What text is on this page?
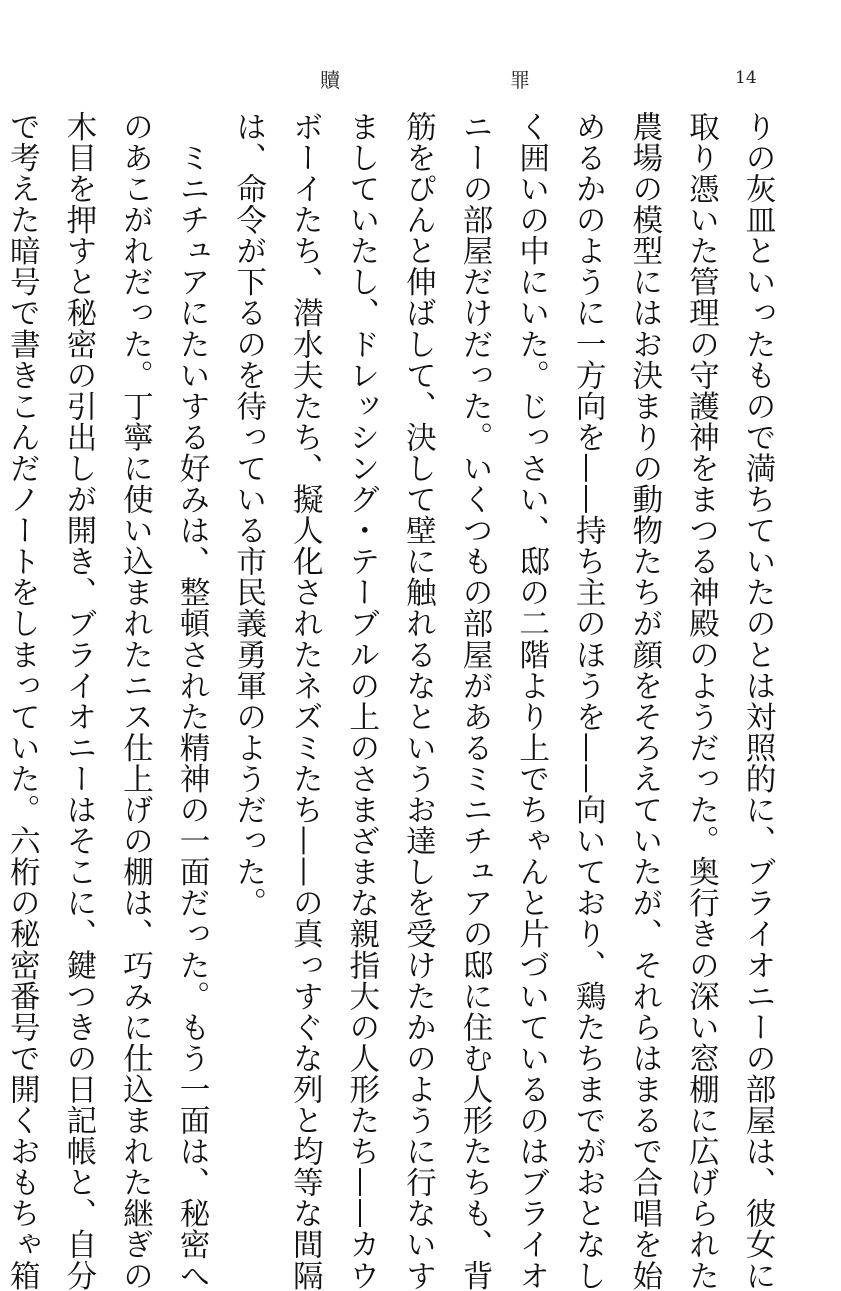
贖	罪	14
りの灰皿といったもので満ちていたのとは対照的に、ブライオニーの部屋は、彼女に
取り憑いた管理の守護神をまつる神殿のようだった。奥行きの深い窓棚に広げられた
農場の模型にはお決まりの動物たちが顔をそろえていたが、それらはまるで合唱を始
めるかのように一方向を——持ち主のほうを——向いており、鶏たちまでがおとなし
く囲いの中にいた。じっさい、邸の二階より上でちゃんと片づいているのはブライオ
ニーの部屋だけだった。いくつもの部屋があるミニチュアの邸に住む人形たちも、背
筋をぴんと伸ばして、決して壁に触れるなというお達しを受けたかのように行ないす
ましていたし、ドレッシング・テーブルの上のさまざまな親指大の人形たち——カウ
ボーイたち、潜水夫たち、擬人化されたネズミたち——の真っすぐな列と均等な間隔
は、命令が下るのを待っている市民義勇軍のようだった。
　ミニチュアにたいする好みは、整頓された精神の一面だった。もう一面は、秘密へ
のあこがれだった。丁寧に使い込まれたニス仕上げの棚は、巧みに仕込まれた継ぎの
木目を押すと秘密の引出しが開き、ブライオニーはそこに、鍵つきの日記帳と、自分
で考えた暗号で書きこんだノートをしまっていた。六桁の秘密番号で開くおもちゃ箱
